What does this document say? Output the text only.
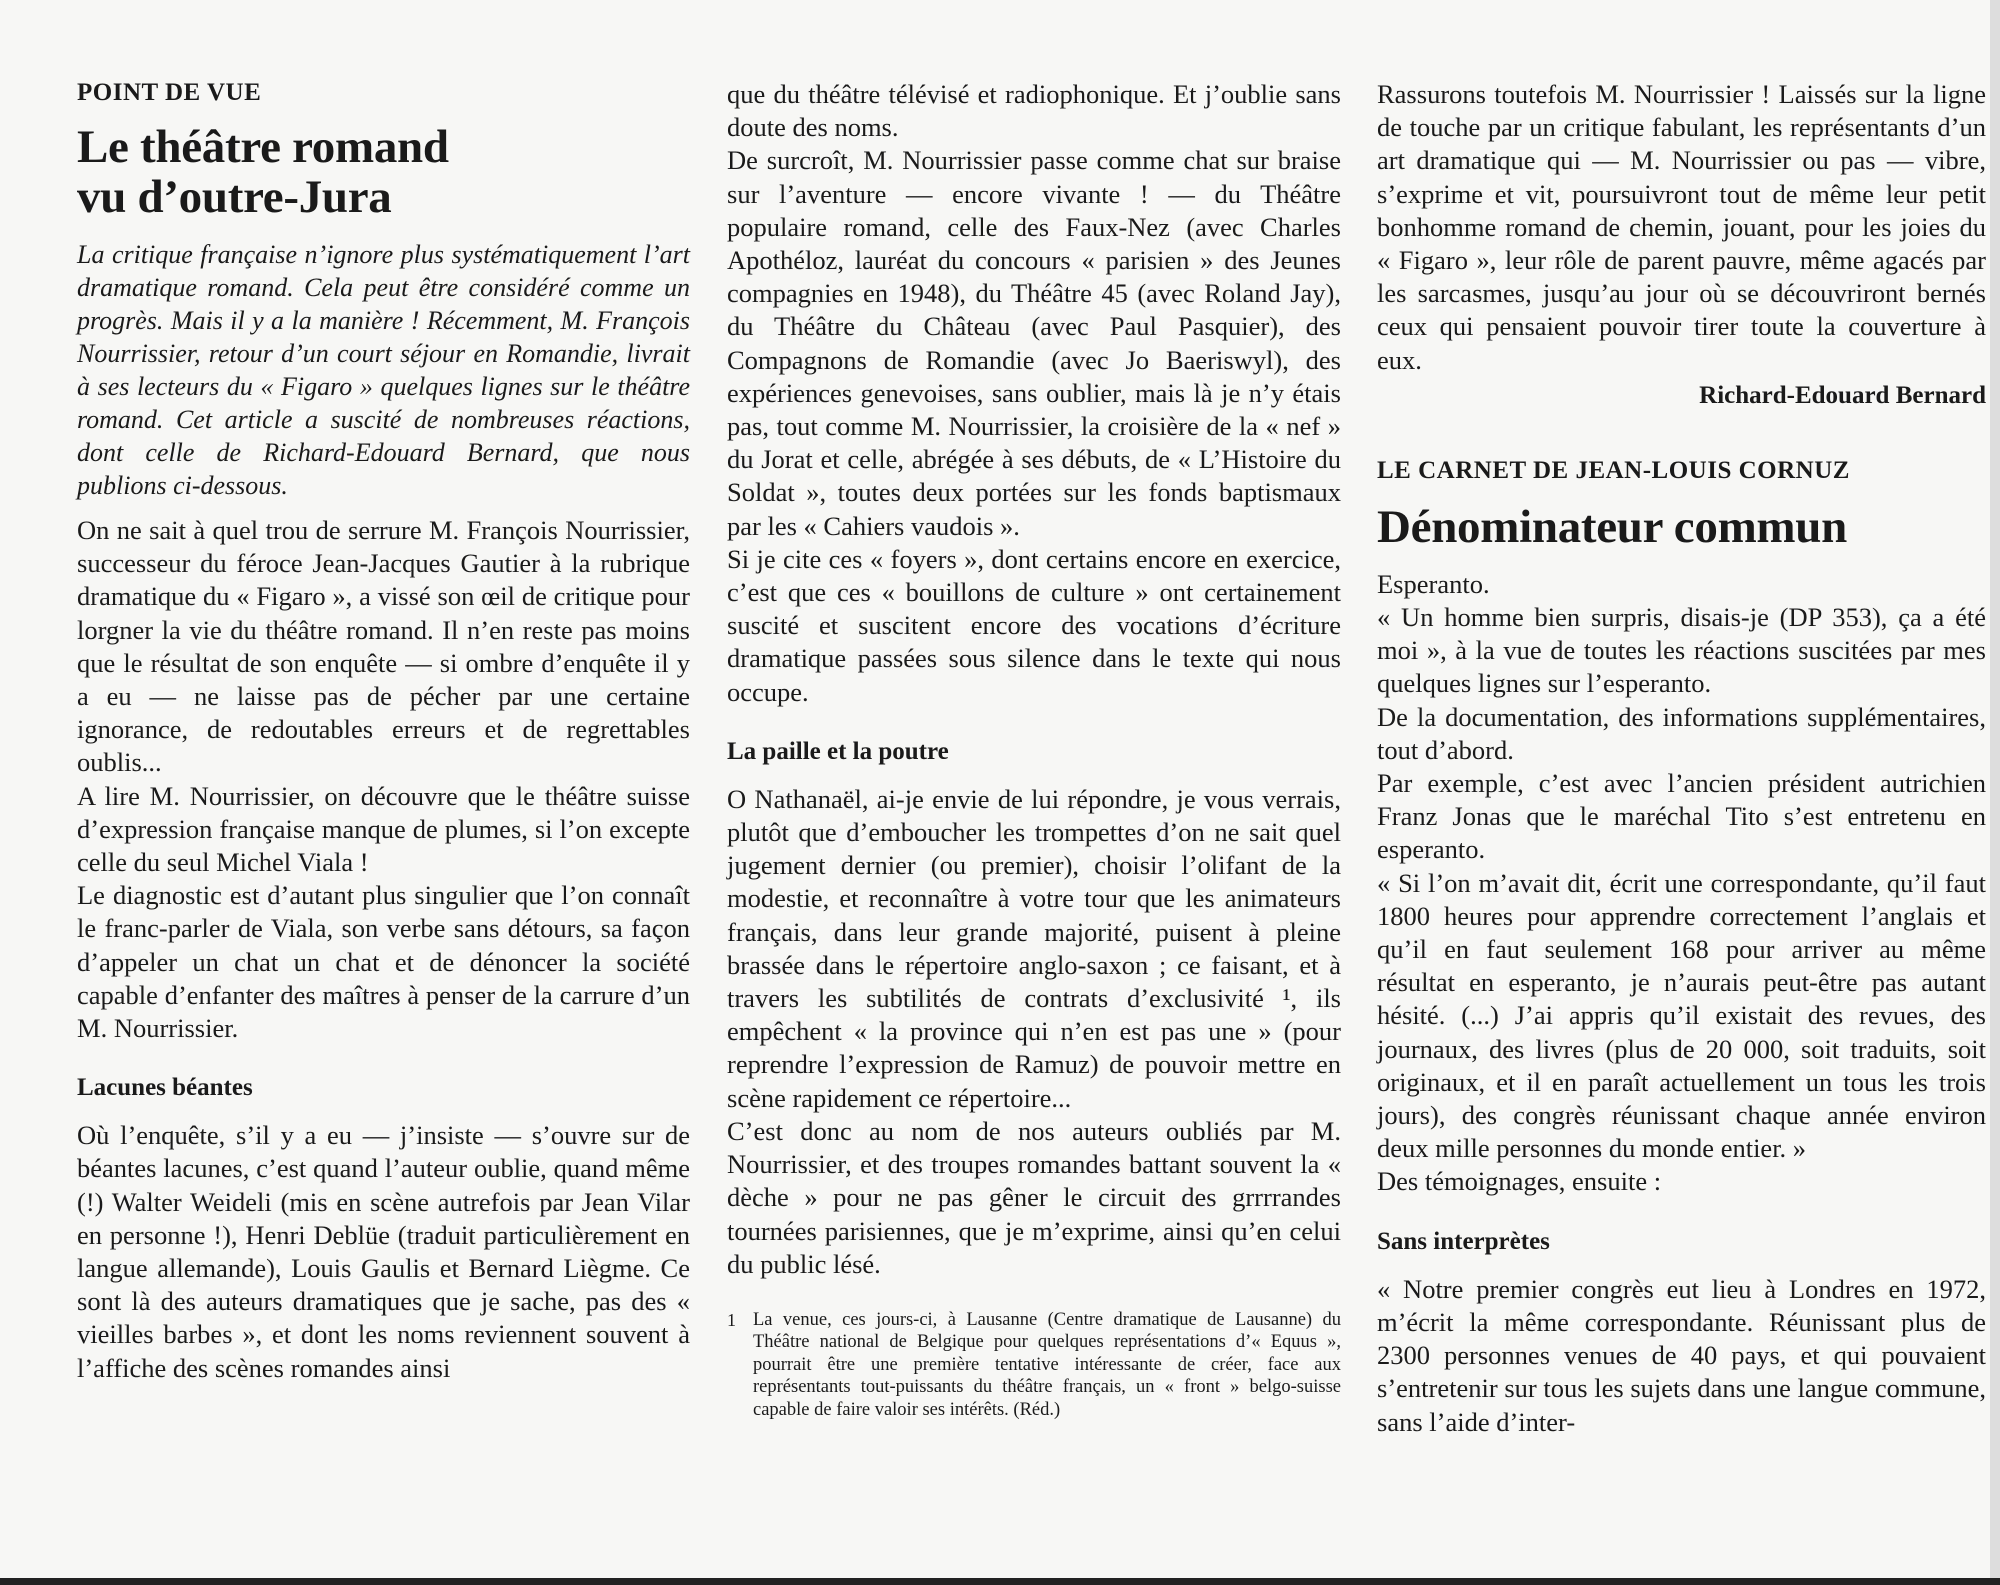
POINT DE VUE
Le théâtre romand
vu d’outre-Jura

La critique française n’ignore plus systématiquement l’art dramatique romand. Cela peut être considéré comme un progrès. Mais il y a la manière ! Récemment, M. François Nourrissier, retour d’un court séjour en Romandie, livrait à ses lecteurs du « Figaro » quelques lignes sur le théâtre romand. Cet article a suscité de nombreuses réactions, dont celle de Richard-Edouard Bernard, que nous publions ci-dessous.

On ne sait à quel trou de serrure M. François Nourrissier, successeur du féroce Jean-Jacques Gautier à la rubrique dramatique du « Figaro », a vissé son œil de critique pour lorgner la vie du théâtre romand. Il n’en reste pas moins que le résultat de son enquête — si ombre d’enquête il y a eu — ne laisse pas de pécher par une certaine ignorance, de redoutables erreurs et de regrettables oublis...

A lire M. Nourrissier, on découvre que le théâtre suisse d’expression française manque de plumes, si l’on excepte celle du seul Michel Viala !

Le diagnostic est d’autant plus singulier que l’on connaît le franc-parler de Viala, son verbe sans détours, sa façon d’appeler un chat un chat et de dénoncer la société capable d’enfanter des maîtres à penser de la carrure d’un M. Nourrissier.

Lacunes béantes

Où l’enquête, s’il y a eu — j’insiste — s’ouvre sur de béantes lacunes, c’est quand l’auteur oublie, quand même (!) Walter Weideli (mis en scène autrefois par Jean Vilar en personne !), Henri Deblüe (traduit particulièrement en langue allemande), Louis Gaulis et Bernard Liègme. Ce sont là des auteurs dramatiques que je sache, pas des « vieilles barbes », et dont les noms reviennent souvent à l’affiche des scènes romandes ainsi

que du théâtre télévisé et radiophonique. Et j’oublie sans doute des noms.

De surcroît, M. Nourrissier passe comme chat sur braise sur l’aventure — encore vivante ! — du Théâtre populaire romand, celle des Faux-Nez (avec Charles Apothéloz, lauréat du concours « parisien » des Jeunes compagnies en 1948), du Théâtre 45 (avec Roland Jay), du Théâtre du Château (avec Paul Pasquier), des Compagnons de Romandie (avec Jo Baeriswyl), des expériences genevoises, sans oublier, mais là je n’y étais pas, tout comme M. Nourrissier, la croisière de la « nef » du Jorat et celle, abrégée à ses débuts, de « L’Histoire du Soldat », toutes deux portées sur les fonds baptismaux par les « Cahiers vaudois ».

Si je cite ces « foyers », dont certains encore en exercice, c’est que ces « bouillons de culture » ont certainement suscité et suscitent encore des vocations d’écriture dramatique passées sous silence dans le texte qui nous occupe.

La paille et la poutre

O Nathanaël, ai-je envie de lui répondre, je vous verrais, plutôt que d’emboucher les trompettes d’on ne sait quel jugement dernier (ou premier), choisir l’olifant de la modestie, et reconnaître à votre tour que les animateurs français, dans leur grande majorité, puisent à pleine brassée dans le répertoire anglo-saxon ; ce faisant, et à travers les subtilités de contrats d’exclusivité ¹, ils empêchent « la province qui n’en est pas une » (pour reprendre l’expression de Ramuz) de pouvoir mettre en scène rapidement ce répertoire...

C’est donc au nom de nos auteurs oubliés par M. Nourrissier, et des troupes romandes battant souvent la « dèche » pour ne pas gêner le circuit des grrrrandes tournées parisiennes, que je m’exprime, ainsi qu’en celui du public lésé.

1 La venue, ces jours-ci, à Lausanne (Centre dramatique de Lausanne) du Théâtre national de Belgique pour quelques représentations d’« Equus », pourrait être une première tentative intéressante de créer, face aux représentants tout-puissants du théâtre français, un « front » belgo-suisse capable de faire valoir ses intérêts. (Réd.)

Rassurons toutefois M. Nourrissier ! Laissés sur la ligne de touche par un critique fabulant, les représentants d’un art dramatique qui — M. Nourrissier ou pas — vibre, s’exprime et vit, poursuivront tout de même leur petit bonhomme romand de chemin, jouant, pour les joies du « Figaro », leur rôle de parent pauvre, même agacés par les sarcasmes, jusqu’au jour où se découvriront bernés ceux qui pensaient pouvoir tirer toute la couverture à eux.

Richard-Edouard Bernard
LE CARNET DE JEAN-LOUIS CORNUZ
Dénominateur commun

Esperanto.

« Un homme bien surpris, disais-je (DP 353), ça a été moi », à la vue de toutes les réactions suscitées par mes quelques lignes sur l’esperanto.

De la documentation, des informations supplémentaires, tout d’abord.

Par exemple, c’est avec l’ancien président autrichien Franz Jonas que le maréchal Tito s’est entretenu en esperanto.

« Si l’on m’avait dit, écrit une correspondante, qu’il faut 1800 heures pour apprendre correctement l’anglais et qu’il en faut seulement 168 pour arriver au même résultat en esperanto, je n’aurais peut-être pas autant hésité. (...) J’ai appris qu’il existait des revues, des journaux, des livres (plus de 20 000, soit traduits, soit originaux, et il en paraît actuellement un tous les trois jours), des congrès réunissant chaque année environ deux mille personnes du monde entier. »

Des témoignages, ensuite :

Sans interprètes

« Notre premier congrès eut lieu à Londres en 1972, m’écrit la même correspondante. Réunissant plus de 2300 personnes venues de 40 pays, et qui pouvaient s’entretenir sur tous les sujets dans une langue commune, sans l’aide d’inter-
